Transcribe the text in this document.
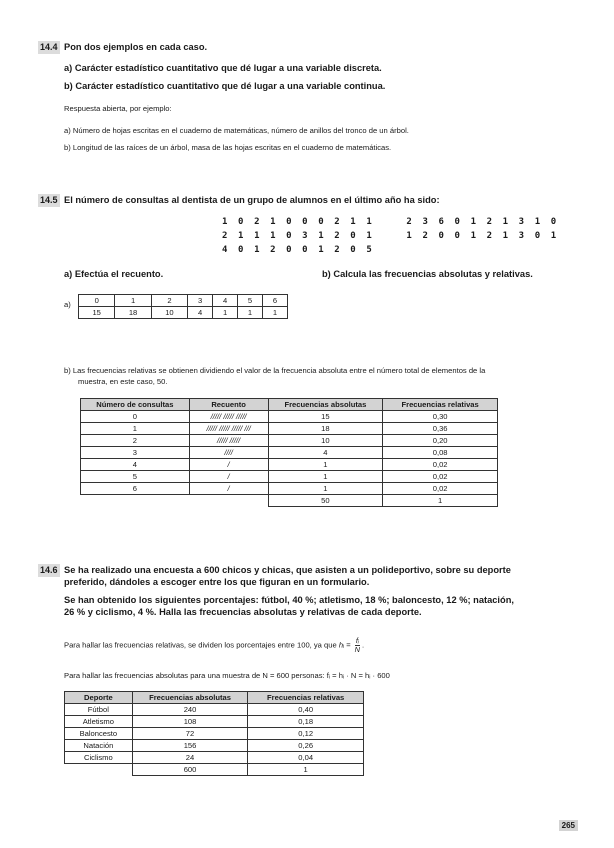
14.4 Pon dos ejemplos en cada caso.
a) Carácter estadístico cuantitativo que dé lugar a una variable discreta.
b) Carácter estadístico cuantitativo que dé lugar a una variable continua.
Respuesta abierta, por ejemplo:
a) Número de hojas escritas en el cuaderno de matemáticas, número de anillos del tronco de un árbol.
b) Longitud de las raíces de un árbol, masa de las hojas escritas en el cuaderno de matemáticas.
14.5 El número de consultas al dentista de un grupo de alumnos en el último año ha sido:
1 0 2 1 0 0 0 2 1 1    2 3 6 0 1 2 1 3 1 0
2 1 1 1 0 3 1 2 0 1    1 2 0 0 1 2 1 3 0 1
4 0 1 2 0 0 1 2 0 5
a) Efectúa el recuento.	b) Calcula las frecuencias absolutas y relativas.
a)	0	1	2	3	4	5	6
15	18	10	4	1	1	1
b) Las frecuencias relativas se obtienen dividiendo el valor de la frecuencia absoluta entre el número total de elementos de la
muestra, en este caso, 50.
Número de consultas	Recuento	Frecuencias absolutas	Frecuencias relativas
0	///// ///// /////	15	0,30
1	///// ///// ///// ///	18	0,36
2	///// /////	10	0,20
3	////	4	0,08
4	/	1	0,02
5	/	1	0,02
6	/	1	0,02
		50	1
14.6 Se ha realizado una encuesta a 600 chicos y chicas, que asisten a un polideportivo, sobre su deporte
preferido, dándoles a escoger entre los que figuran en un formulario.
Se han obtenido los siguientes porcentajes: fútbol, 40 %; atletismo, 18 %; baloncesto, 12 %; natación,
26 % y ciclismo, 4 %. Halla las frecuencias absolutas y relativas de cada deporte.
Para hallar las frecuencias relativas, se dividen los porcentajes entre 100, ya que hᵢ = $\frac{\text{fᵢ}}{N}$ .
Para hallar las frecuencias absolutas para una muestra de N = 600 personas: fᵢ = hᵢ · N = hᵢ · 600
Deporte	Frecuencias absolutas	Frecuencias relativas
Fútbol	240	0,40
Atletismo	108	0,18
Baloncesto	72	0,12
Natación	156	0,26
Ciclismo	24	0,04
	600	1
265
